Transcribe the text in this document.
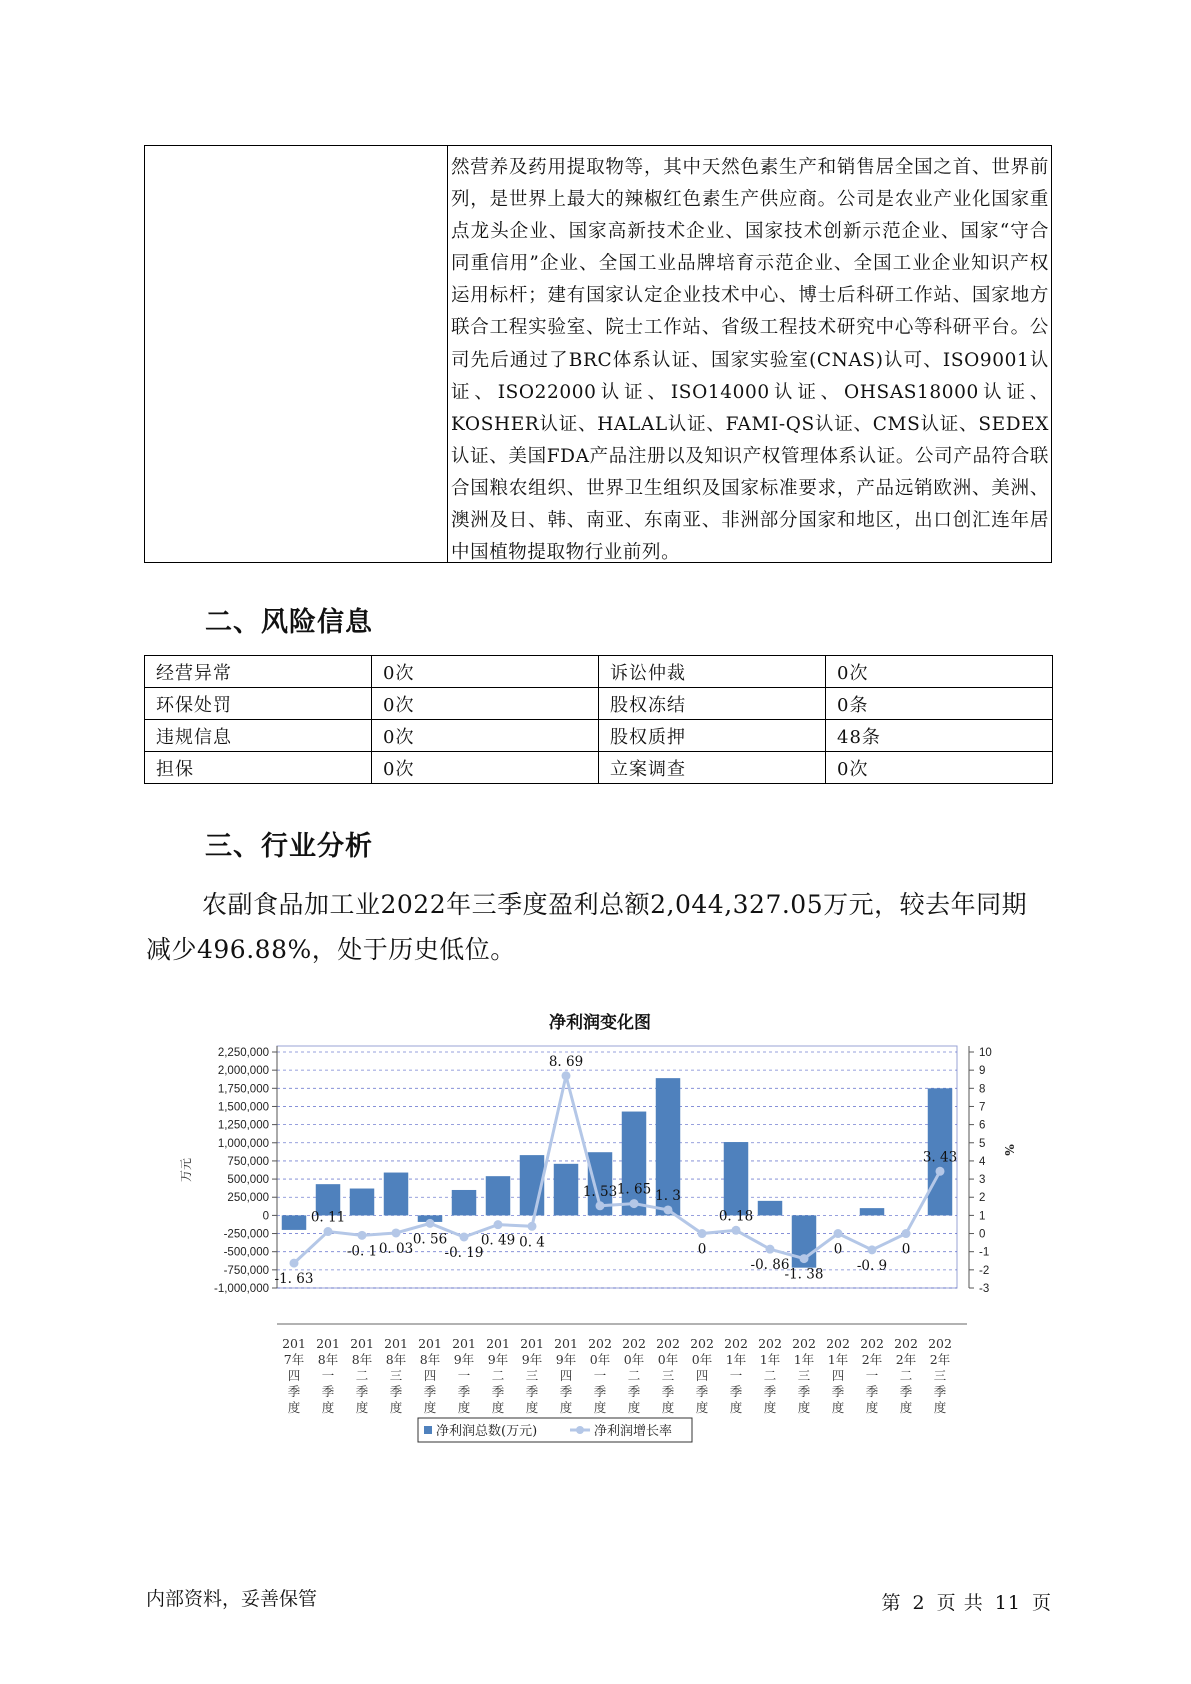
然营养及药用提取物等，其中天然色素生产和销售居全国之首、世界前列，是世界上最大的辣椒红色素生产供应商。公司是农业产业化国家重点龙头企业、国家高新技术企业、国家技术创新示范企业、国家“守合同重信用”企业、全国工业品牌培育示范企业、全国工业企业知识产权运用标杆；建有国家认定企业技术中心、博士后科研工作站、国家地方联合工程实验室、院士工作站、省级工程技术研究中心等科研平台。公司先后通过了BRC体系认证、国家实验室(CNAS)认可、ISO9001认证、ISO22000认证、ISO14000认证、OHSAS18000认证、KOSHER认证、HALAL认证、FAMI-QS认证、CMS认证、SEDEX认证、美国FDA产品注册以及知识产权管理体系认证。公司产品符合联合国粮农组织、世界卫生组织及国家标准要求，产品远销欧洲、美洲、澳洲及日、韩、南亚、东南亚、非洲部分国家和地区，出口创汇连年居中国植物提取物行业前列。
二、风险信息
经营异常	0次	诉讼仲裁	0次
环保处罚	0次	股权冻结	0条
违规信息	0次	股权质押	48条
担保	0次	立案调查	0次
三、行业分析

农副食品加工业2022年三季度盈利总额2,044,327.05万元，较去年同期减少496.88%，处于历史低位。

净利润变化图
2,250,000
2,000,000
1,750,000
1,500,000
1,250,000
1,000,000
750,000
500,000
250,000
0
-250,000
-500,000
-750,000
-1,000,000
10
9
8
7
6
5
4
3
2
1
0
-1
-2
-3
万元
%
-1. 63
0. 11
-0. 1 0. 03
0. 56
-0. 19
0. 49 0. 4
8. 69
1. 53 1. 65 1. 3
0
0. 18
-0. 86
-1. 38
0
-0. 9
0
3. 43
201 7年四季度
201 8年一季度
201 8年二季度
201 8年三季度
201 8年四季度
201 9年一季度
201 9年二季度
201 9年三季度
201 9年四季度
202 0年一季度
202 0年二季度
202 0年三季度
202 0年四季度
202 1年一季度
202 1年二季度
202 1年三季度
202 1年四季度
202 2年一季度
202 2年二季度
202 2年三季度
净利润总数(万元)	净利润增长率
内部资料，妥善保管	第 2 页 共 11 页
